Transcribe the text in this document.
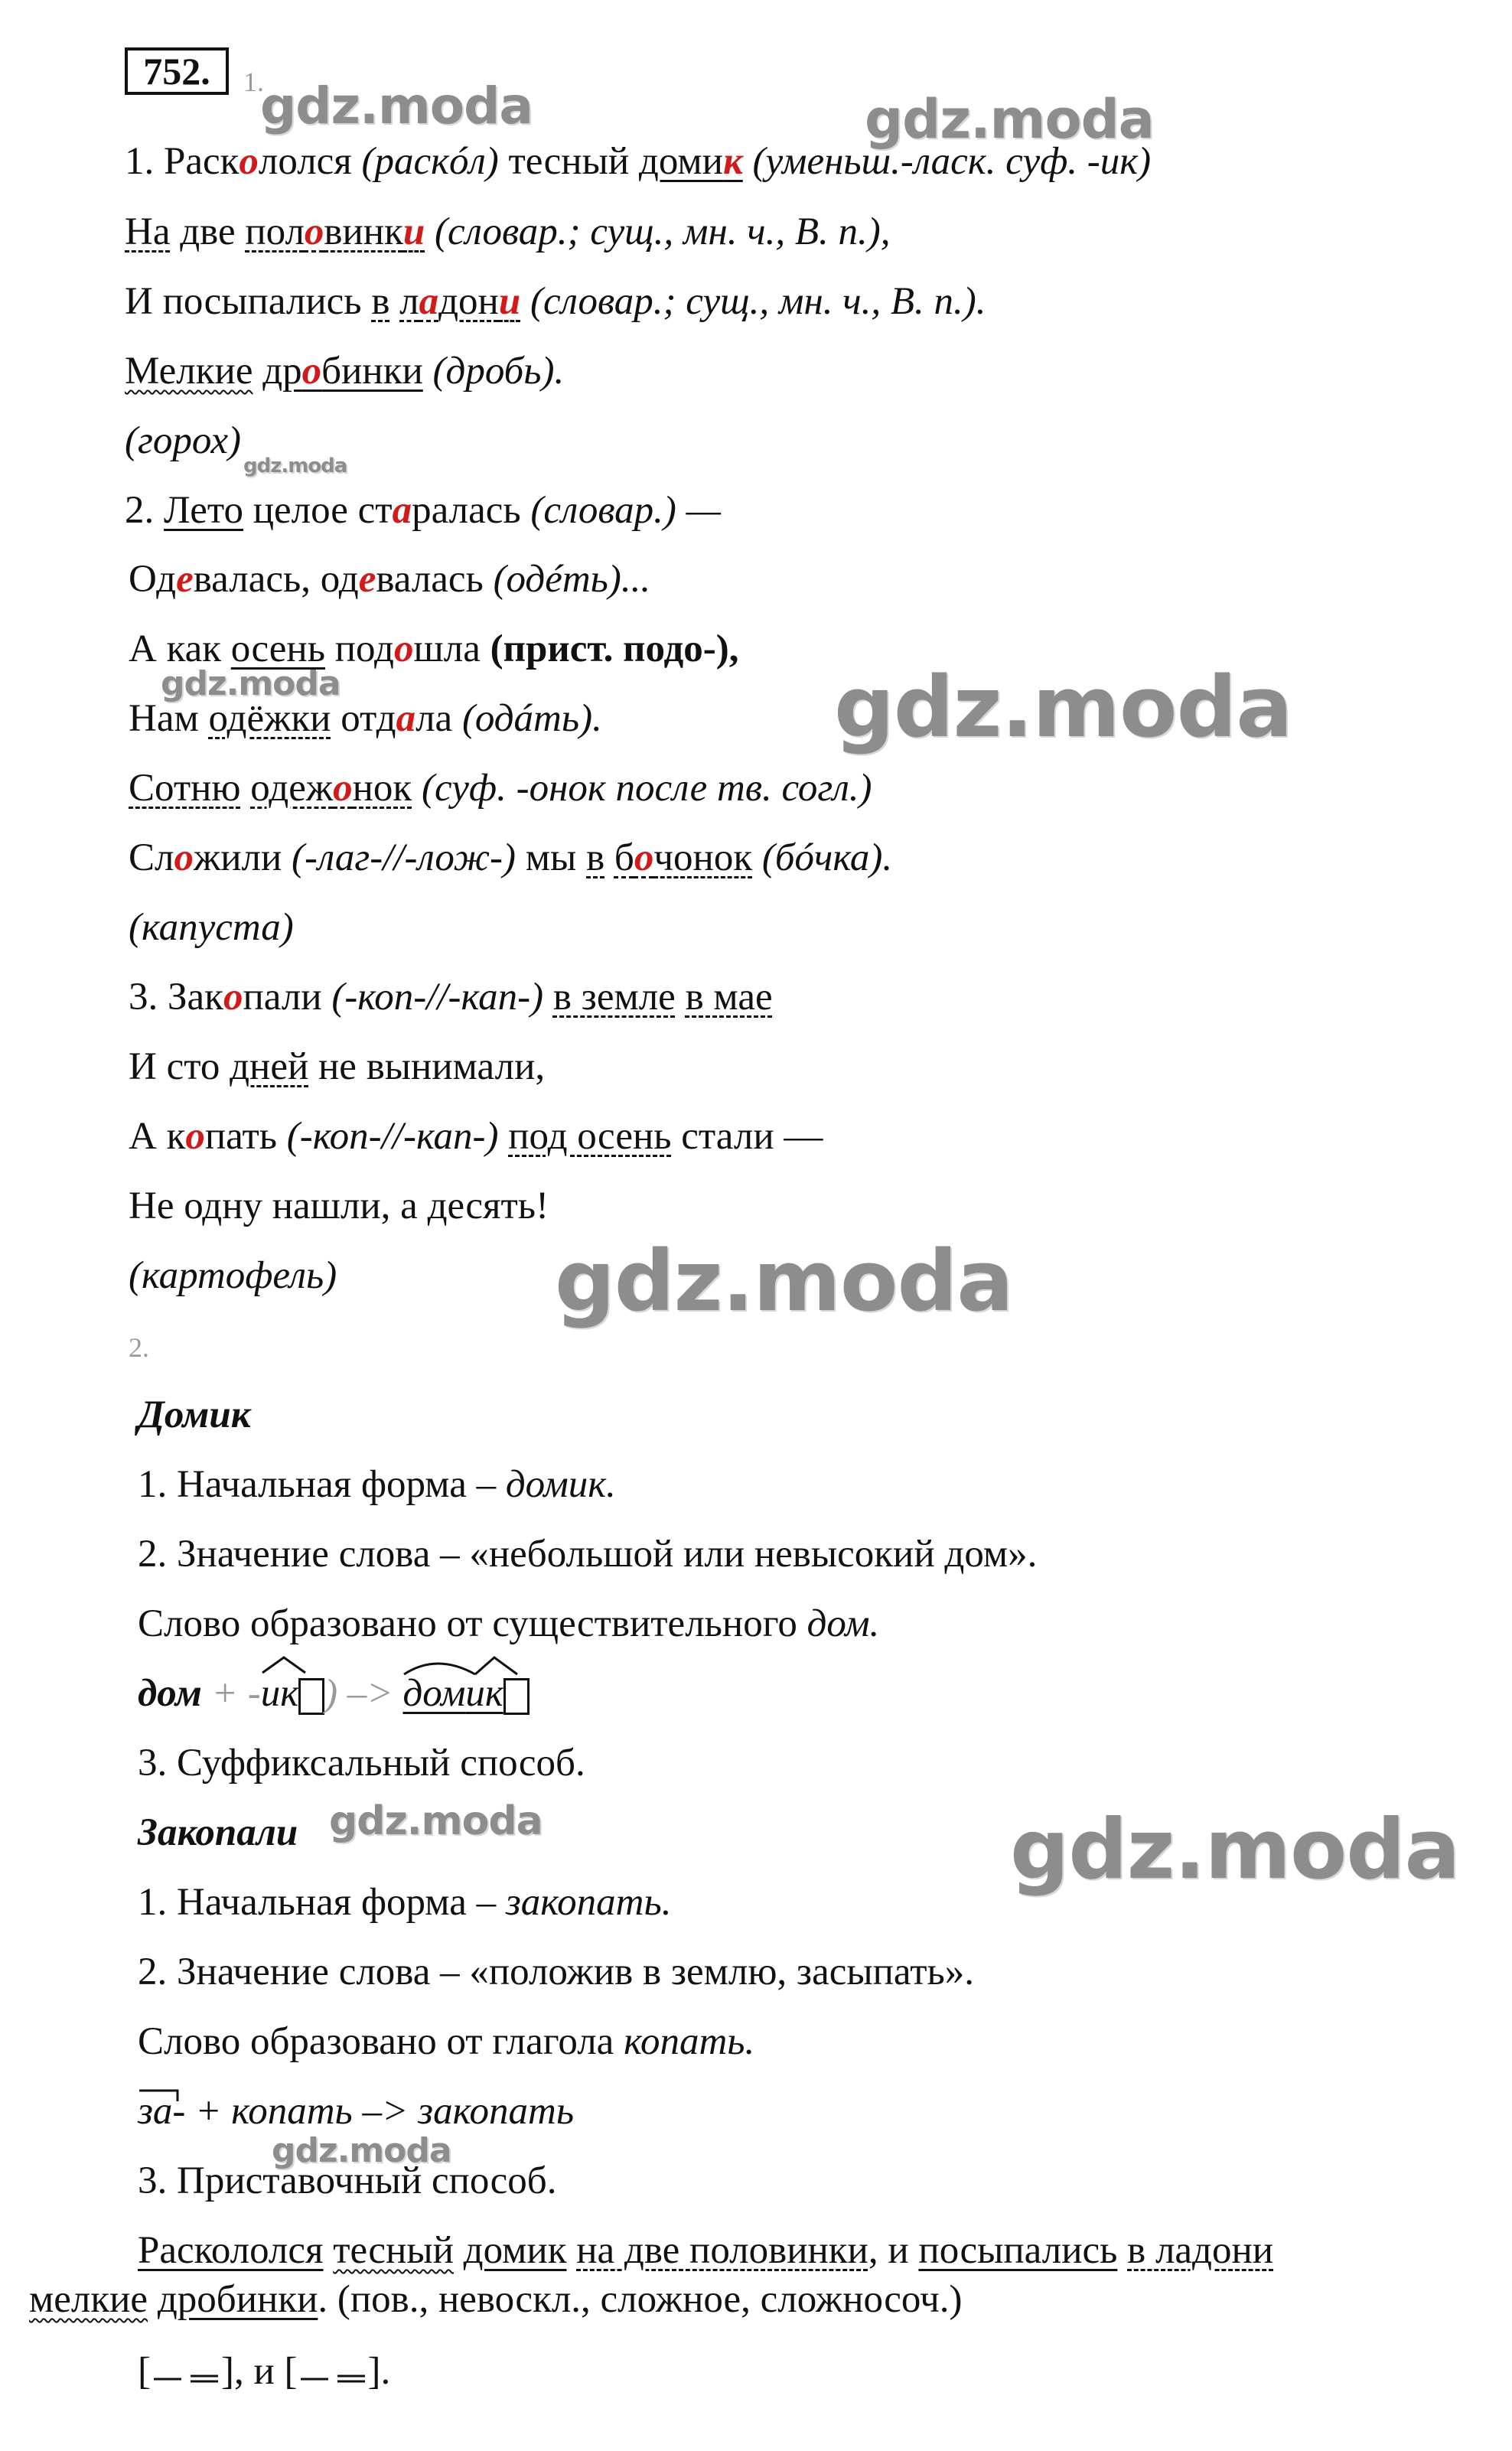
752.	1.
gdz.moda	gdz.moda
gdz.moda
gdz.moda	gdz.moda
gdz.moda
gdz.moda	gdz.moda
gdz.moda
1. Раскололся (раскóл) тесный домик (уменьш.-ласк. суф. -ик)
На две половинки (словар.; сущ., мн. ч., В. п.),
И посыпались в ладони (словар.; сущ., мн. ч., В. п.).
Мелкие дробинки (дробь).
(горох)
2. Лето целое старалась (словар.) —
Одевалась, одевалась (одéть)...
А как осень подошла (прист. подо-),
Нам одёжки отдала (одáть).
Сотню одежонок (суф. -онок после тв. согл.)
Сложили (-лаг-//-лож-) мы в бочонок (бóчка).
(капуста)
3. Закопали (-коп-//-кап-) в земле в мае
И сто дней не вынимали,
А копать (-коп-//-кап-) под осень стали —
Не одну нашли, а десять!
(картофель)
2.
Домик
1. Начальная форма – домик.
2. Значение слова – «небольшой или невысокий дом».
Слово образовано от существительного дом.
дом + -
ик ) –>
домик
3. Суффиксальный способ.
Закопали
1. Начальная форма – закопать.
2. Значение слова – «положив в землю, засыпать».
Слово образовано от глагола копать.
за- + копать –> закопать
3. Приставочный способ.
Раскололся тесный домик на две половинки, и посыпались в ладони
мелкие дробинки. (пов., невоскл., сложное, сложносоч.)
[ ], и [ ].
